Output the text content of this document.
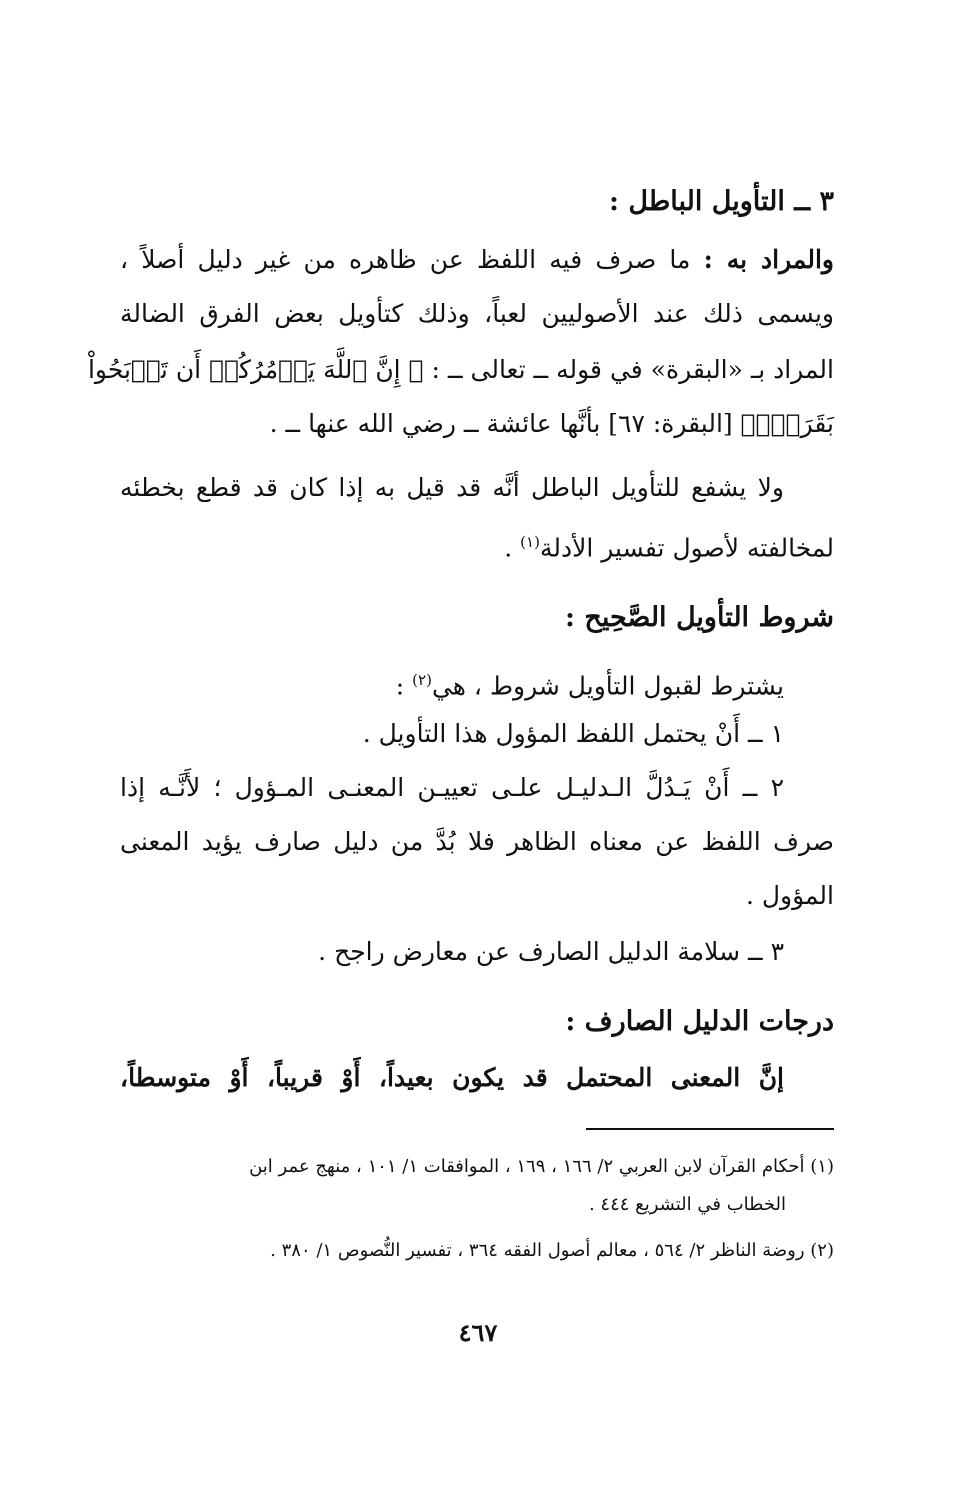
٣ ــ التأويل الباطل :
والمراد به : ما صرف فيه اللفظ عن ظاهره من غير دليل أصلاً ،
ويسمى ذلك عند الأصوليين لعباً، وذلك كتأويل بعض الفرق الضالة
المراد بـ «البقرة» في قوله ــ تعالى ــ : ﴿ إِنَّ ٱللَّهَ يَأۡمُرُكُمۡ أَن تَذۡبَحُواْ
بَقَرَةٗۖ﴾ [البقرة: ٦٧] بأنَّها عائشة ــ رضي الله عنها ــ .
ولا يشفع للتأويل الباطل أنَّه قد قيل به إذا كان قد قطع بخطئه
لمخالفته لأصول تفسير الأدلة$^{(١)}$ .
شروط التأويل الصَّحِيح :
يشترط لقبول التأويل شروط ، هي$^{(٢)}$ :
١ ــ أَنْ يحتمل اللفظ المؤول هذا التأويل .
٢ ــ أَنْ يَـدُلَّ الـدليـل علـى تعييـن المعنـى المـؤول ؛ لأَنَّـه إذا
صرف اللفظ عن معناه الظاهر فلا بُدَّ من دليل صارف يؤيد المعنى
المؤول .
٣ ــ سلامة الدليل الصارف عن معارض راجح .
درجات الدليل الصارف :
إنَّ المعنى المحتمل قد يكون بعيداً، أَوْ قريباً، أَوْ متوسطاً،
(١) أحكام القرآن لابن العربي ٢/ ١٦٦ ، ١٦٩ ، الموافقات ١/ ١٠١ ، منهج عمر ابن
الخطاب في التشريع ٤٤٤ .
(٢) روضة الناظر ٢/ ٥٦٤ ، معالم أصول الفقه ٣٦٤ ، تفسير النُّصوص ١/ ٣٨٠ .
٤٦٧
